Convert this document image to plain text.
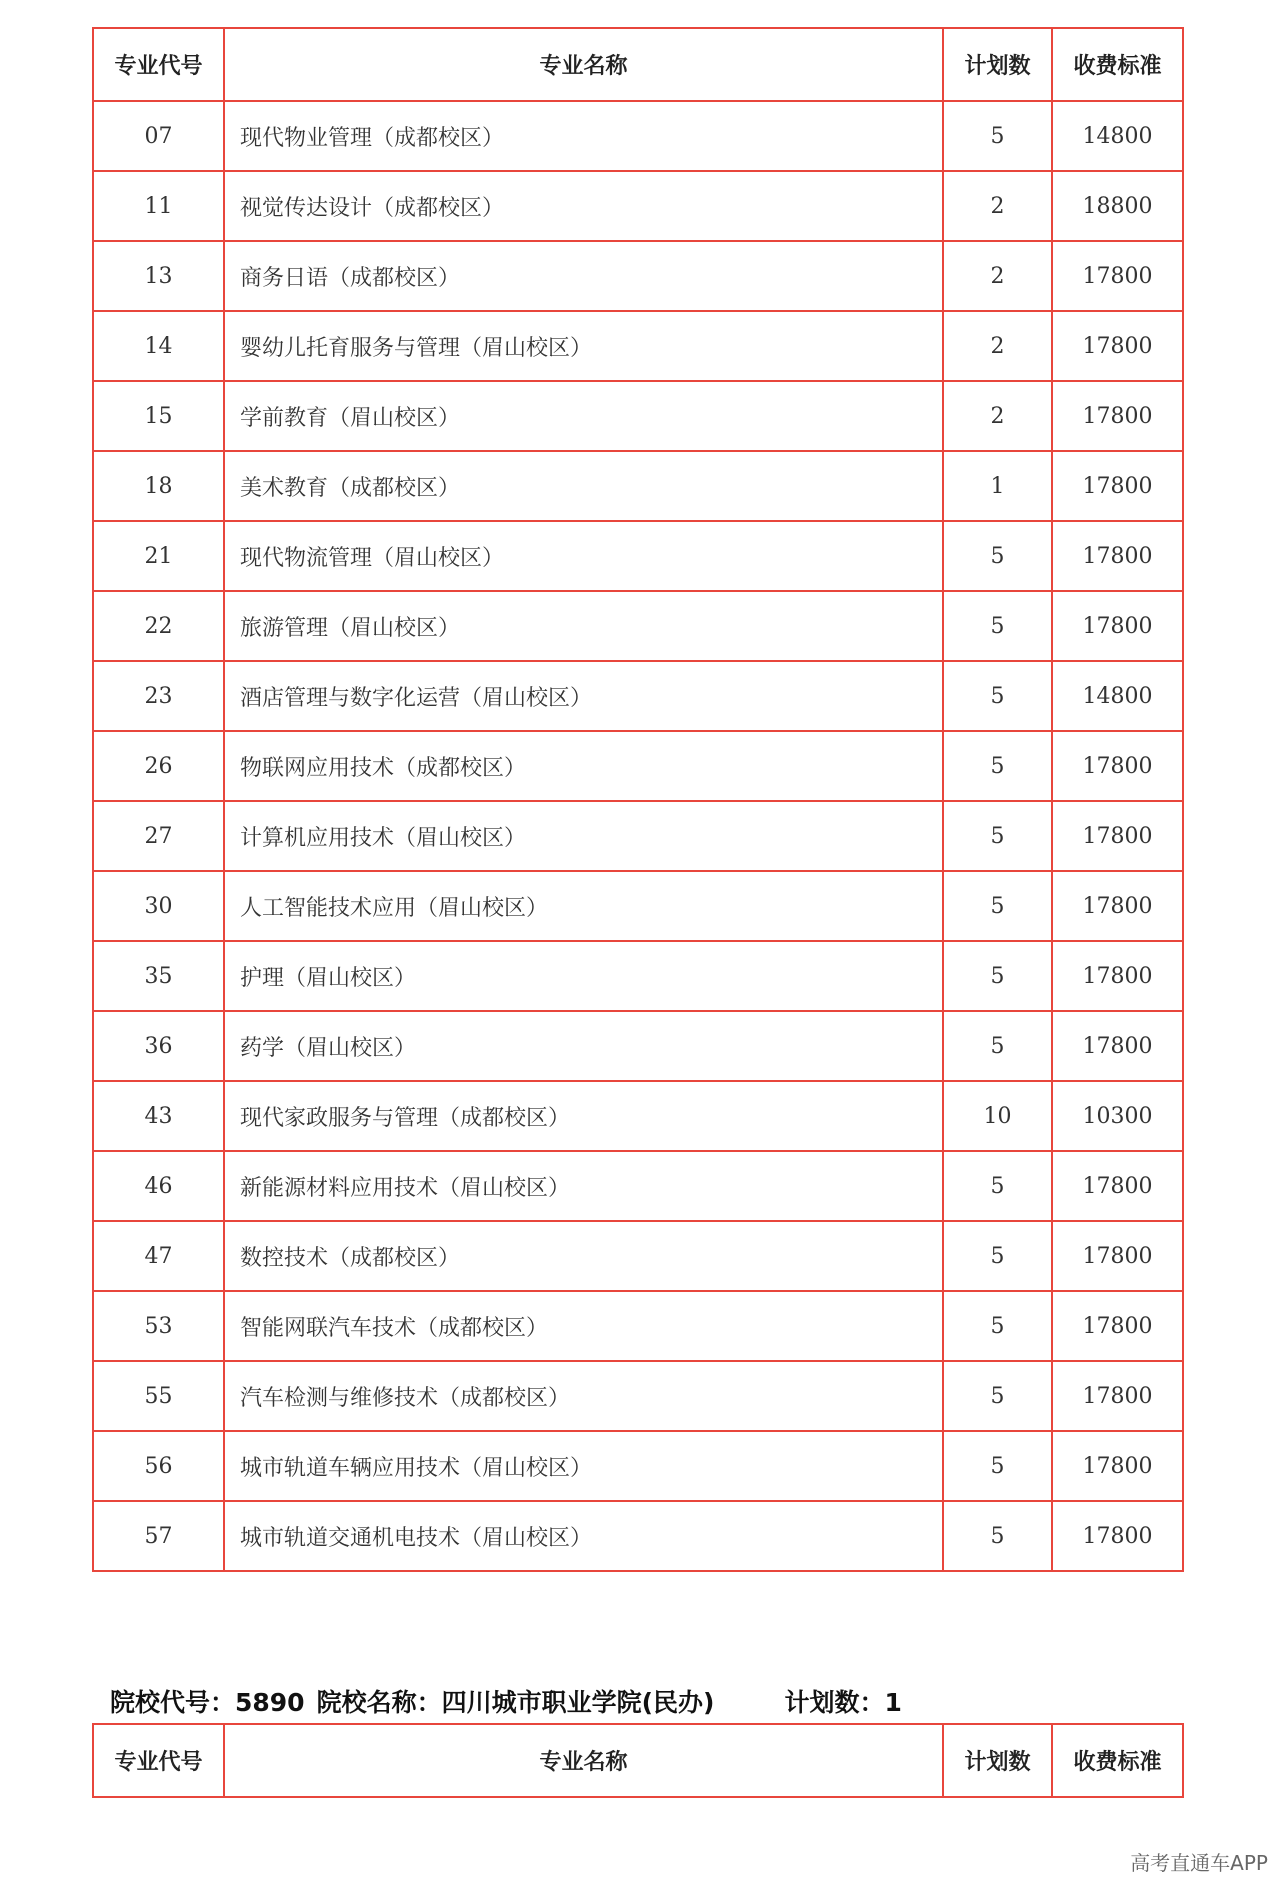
专业代号	专业名称	计划数	收费标准
07	现代物业管理（成都校区）	5	14800
11	视觉传达设计（成都校区）	2	18800
13	商务日语（成都校区）	2	17800
14	婴幼儿托育服务与管理（眉山校区）	2	17800
15	学前教育（眉山校区）	2	17800
18	美术教育（成都校区）	1	17800
21	现代物流管理（眉山校区）	5	17800
22	旅游管理（眉山校区）	5	17800
23	酒店管理与数字化运营（眉山校区）	5	14800
26	物联网应用技术（成都校区）	5	17800
27	计算机应用技术（眉山校区）	5	17800
30	人工智能技术应用（眉山校区）	5	17800
35	护理（眉山校区）	5	17800
36	药学（眉山校区）	5	17800
43	现代家政服务与管理（成都校区）	10	10300
46	新能源材料应用技术（眉山校区）	5	17800
47	数控技术（成都校区）	5	17800
53	智能网联汽车技术（成都校区）	5	17800
55	汽车检测与维修技术（成都校区）	5	17800
56	城市轨道车辆应用技术（眉山校区）	5	17800
57	城市轨道交通机电技术（眉山校区）	5	17800
院校代号：5890 院校名称：四川城市职业学院(民办)	计划数：1
专业代号	专业名称	计划数	收费标准
高考直通车APP
